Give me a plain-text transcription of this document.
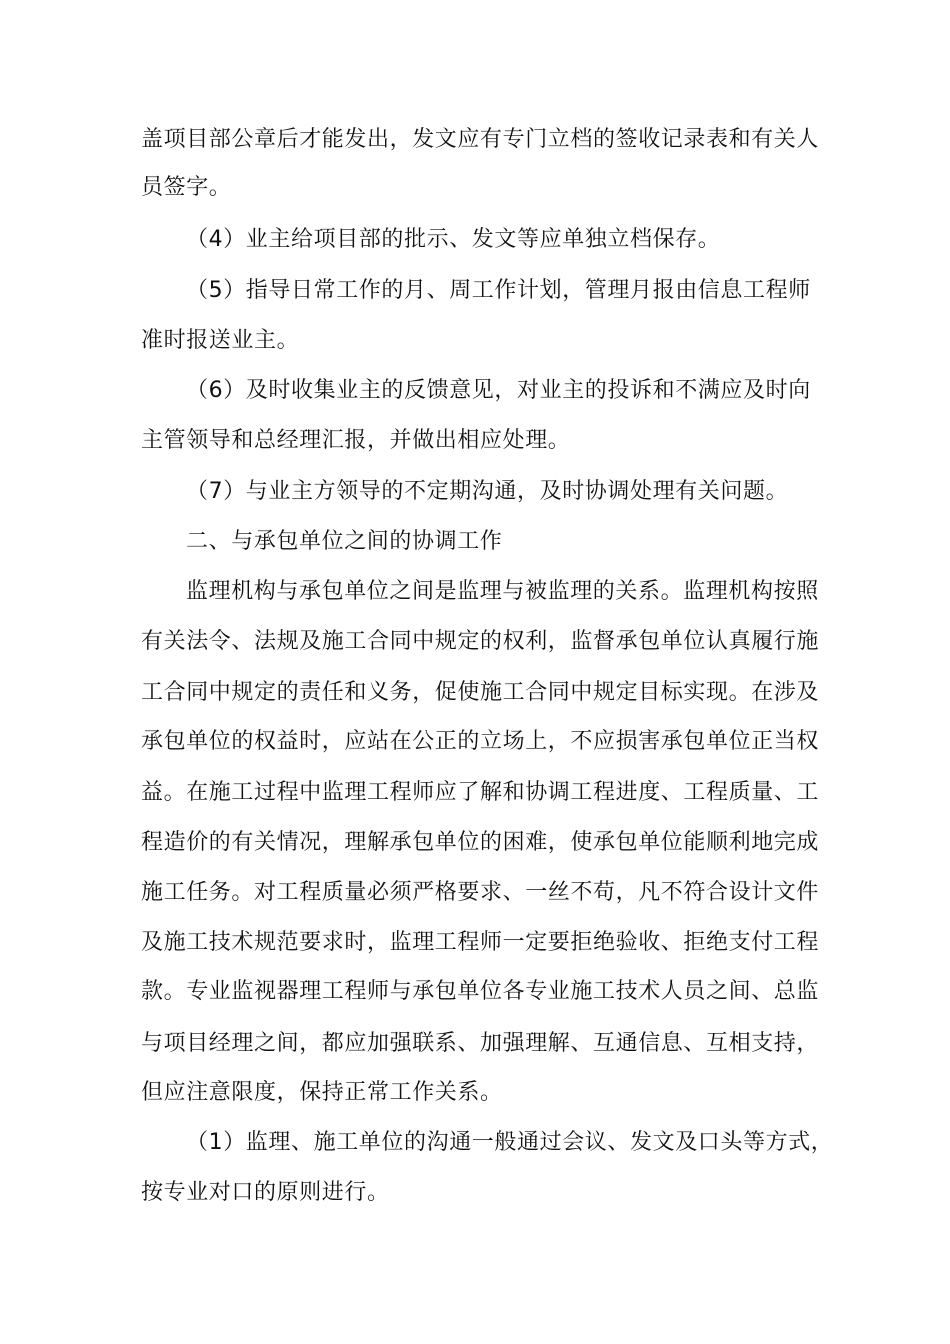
盖项目部公章后才能发出，发文应有专门立档的签收记录表和有关人
员签字。
（4）业主给项目部的批示、发文等应单独立档保存。
（5）指导日常工作的月、周工作计划，管理月报由信息工程师
准时报送业主。
（6）及时收集业主的反馈意见，对业主的投诉和不满应及时向
主管领导和总经理汇报，并做出相应处理。
（7）与业主方领导的不定期沟通，及时协调处理有关问题。
二、与承包单位之间的协调工作
监理机构与承包单位之间是监理与被监理的关系。监理机构按照
有关法令、法规及施工合同中规定的权利，监督承包单位认真履行施
工合同中规定的责任和义务，促使施工合同中规定目标实现。在涉及
承包单位的权益时，应站在公正的立场上，不应损害承包单位正当权
益。在施工过程中监理工程师应了解和协调工程进度、工程质量、工
程造价的有关情况，理解承包单位的困难，使承包单位能顺利地完成
施工任务。对工程质量必须严格要求、一丝不苟，凡不符合设计文件
及施工技术规范要求时，监理工程师一定要拒绝验收、拒绝支付工程
款。专业监视器理工程师与承包单位各专业施工技术人员之间、总监
与项目经理之间，都应加强联系、加强理解、互通信息、互相支持，
但应注意限度，保持正常工作关系。
（1）监理、施工单位的沟通一般通过会议、发文及口头等方式，
按专业对口的原则进行。
